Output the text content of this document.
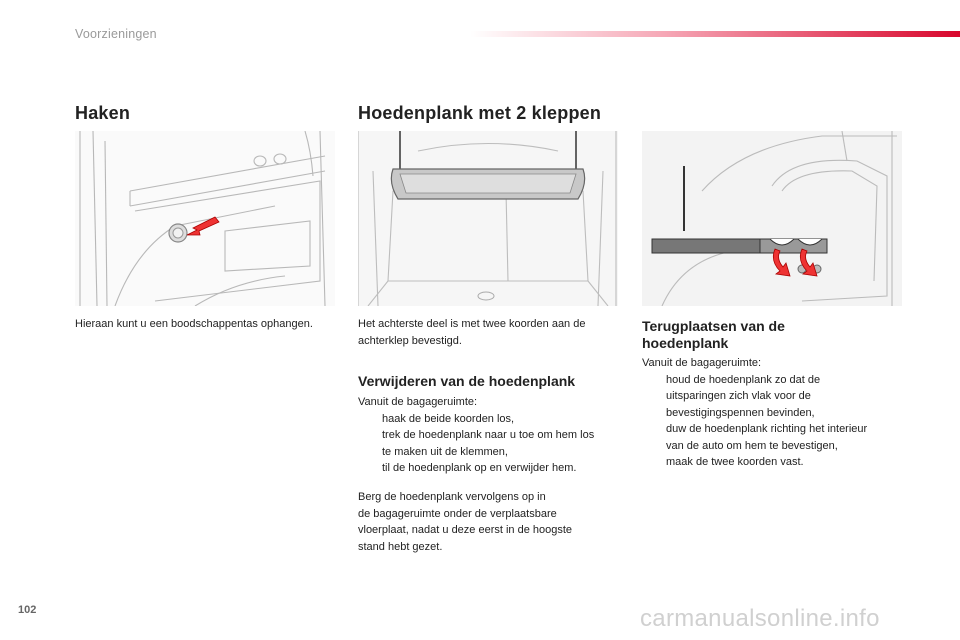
Voorzieningen
Haken
Hieraan kunt u een boodschappentas ophangen.
Hoedenplank met 2 kleppen
Het achterste deel is met twee koorden aan de
achterklep bevestigd.
Verwijderen van de hoedenplank
Vanuit de bagageruimte:
haak de beide koorden los,
trek de hoedenplank naar u toe om hem los
te maken uit de klemmen,
til de hoedenplank op en verwijder hem.
Berg de hoedenplank vervolgens op in
de bagageruimte onder de verplaatsbare
vloerplaat, nadat u deze eerst in de hoogste
stand hebt gezet.
Terugplaatsen van de
hoedenplank
Vanuit de bagageruimte:
houd de hoedenplank zo dat de
uitsparingen zich vlak voor de
bevestigingspennen bevinden,
duw de hoedenplank richting het interieur
van de auto om hem te bevestigen,
maak de twee koorden vast.
102	carmanualsonline.info
